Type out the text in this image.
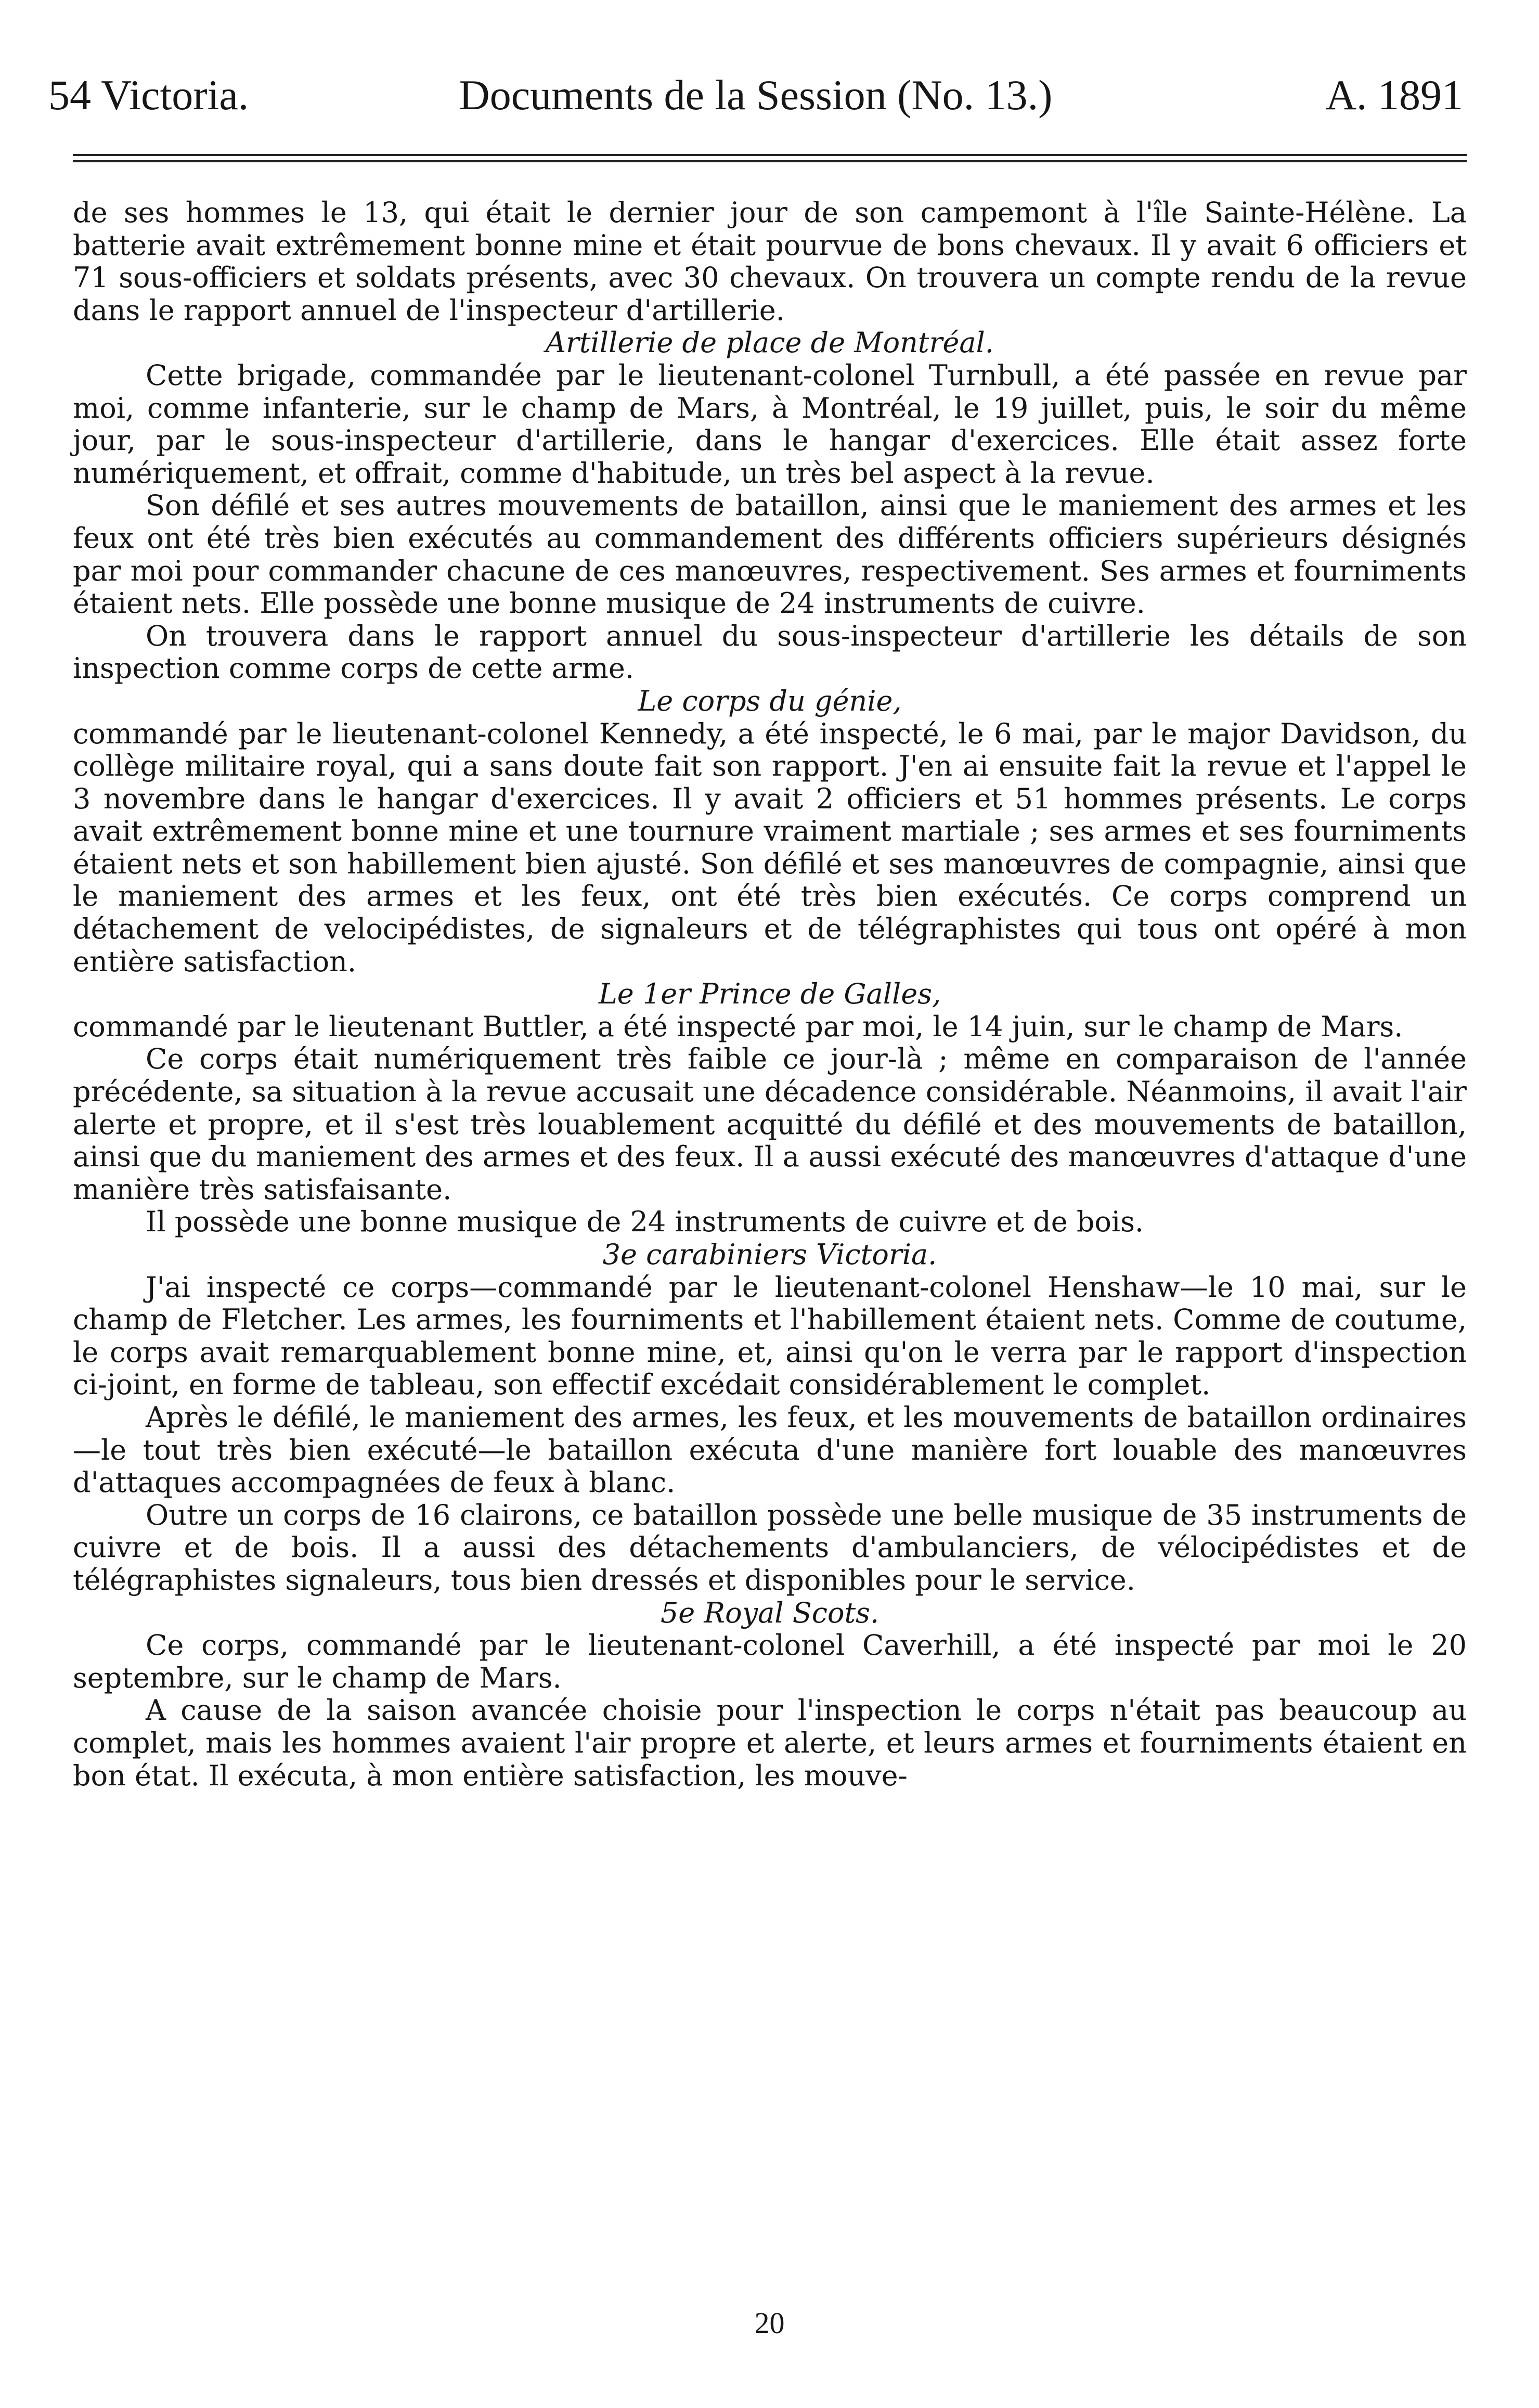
54 Victoria.	Documents de la Session (No. 13.)	A. 1891

de ses hommes le 13, qui était le dernier jour de son campemont à l'île Sainte-Hélène. La batterie avait extrêmement bonne mine et était pourvue de bons chevaux. Il y avait 6 officiers et 71 sous-officiers et soldats présents, avec 30 chevaux. On trouvera un compte rendu de la revue dans le rapport annuel de l'inspecteur d'artillerie.

Artillerie de place de Montréal.

Cette brigade, commandée par le lieutenant-colonel Turnbull, a été passée en revue par moi, comme infanterie, sur le champ de Mars, à Montréal, le 19 juillet, puis, le soir du même jour, par le sous-inspecteur d'artillerie, dans le hangar d'exercices. Elle était assez forte numériquement, et offrait, comme d'habitude, un très bel aspect à la revue.

Son défilé et ses autres mouvements de bataillon, ainsi que le maniement des armes et les feux ont été très bien exécutés au commandement des différents officiers supérieurs désignés par moi pour commander chacune de ces manœuvres, respectivement. Ses armes et fourniments étaient nets. Elle possède une bonne musique de 24 instruments de cuivre.

On trouvera dans le rapport annuel du sous-inspecteur d'artillerie les détails de son inspection comme corps de cette arme.

Le corps du génie,

commandé par le lieutenant-colonel Kennedy, a été inspecté, le 6 mai, par le major Davidson, du collège militaire royal, qui a sans doute fait son rapport. J'en ai ensuite fait la revue et l'appel le 3 novembre dans le hangar d'exercices. Il y avait 2 officiers et 51 hommes présents. Le corps avait extrêmement bonne mine et une tournure vraiment martiale ; ses armes et ses fourniments étaient nets et son habillement bien ajusté. Son défilé et ses manœuvres de compagnie, ainsi que le maniement des armes et les feux, ont été très bien exécutés. Ce corps comprend un détachement de velocipédistes, de signaleurs et de télégraphistes qui tous ont opéré à mon entière satisfaction.

Le 1er Prince de Galles,

commandé par le lieutenant Buttler, a été inspecté par moi, le 14 juin, sur le champ de Mars.

Ce corps était numériquement très faible ce jour-là ; même en comparaison de l'année précédente, sa situation à la revue accusait une décadence considérable. Néanmoins, il avait l'air alerte et propre, et il s'est très louablement acquitté du défilé et des mouvements de bataillon, ainsi que du maniement des armes et des feux. Il a aussi exécuté des manœuvres d'attaque d'une manière très satisfaisante.

Il possède une bonne musique de 24 instruments de cuivre et de bois.

3e carabiniers Victoria.

J'ai inspecté ce corps—commandé par le lieutenant-colonel Henshaw—le 10 mai, sur le champ de Fletcher. Les armes, les fourniments et l'habillement étaient nets. Comme de coutume, le corps avait remarquablement bonne mine, et, ainsi qu'on le verra par le rapport d'inspection ci-joint, en forme de tableau, son effectif excédait considérablement le complet.

Après le défilé, le maniement des armes, les feux, et les mouvements de bataillon ordinaires—le tout très bien exécuté—le bataillon exécuta d'une manière fort louable des manœuvres d'attaques accompagnées de feux à blanc.

Outre un corps de 16 clairons, ce bataillon possède une belle musique de 35 instruments de cuivre et de bois. Il a aussi des détachements d'ambulanciers, de vélocipédistes et de télégraphistes signaleurs, tous bien dressés et disponibles pour le service.

5e Royal Scots.

Ce corps, commandé par le lieutenant-colonel Caverhill, a été inspecté par moi le 20 septembre, sur le champ de Mars.

A cause de la saison avancée choisie pour l'inspection le corps n'était pas beaucoup au complet, mais les hommes avaient l'air propre et alerte, et leurs armes et fourniments étaient en bon état. Il exécuta, à mon entière satisfaction, les mouve-

20
